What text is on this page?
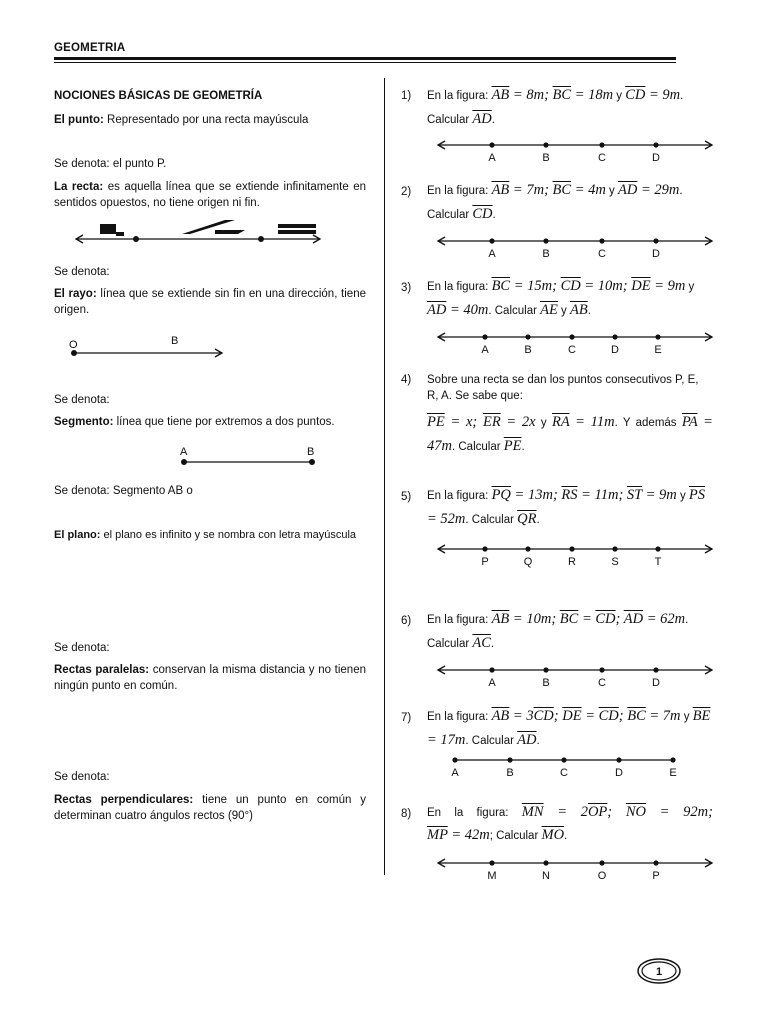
GEOMETRIA
NOCIONES BÁSICAS DE GEOMETRÍA
El punto: Representado por una recta mayúscula
Se denota: el punto P.
La recta: es aquella línea que se extiende infinitamente en sentidos opuestos, no tiene origen ni fin.
Se denota:
El rayo: línea que se extiende sin fin en una dirección, tiene origen.
O	B
Se denota:
Segmento: línea que tiene por extremos a dos puntos.
A	B
Se denota: Segmento AB o
El plano: el plano es infinito y se nombra con letra mayúscula
Se denota:
Rectas paralelas: conservan la misma distancia y no tienen ningún punto en común.
Se denota:
Rectas perpendiculares: tiene un punto en común y determinan cuatro ángulos rectos (90°)
1) En la figura: $\overline{AB} = 8m$; $\overline{BC} = 18m$ y $\overline{CD} = 9m$. Calcular $\overline{AD}$.
A	B	C	D
2) En la figura: $\overline{AB} = 7m$; $\overline{BC} = 4m$ y $\overline{AD} = 29m$. Calcular $\overline{CD}$.
A	B	C	D
3) En la figura: $\overline{BC} = 15m$; $\overline{CD} = 10m$; $\overline{DE} = 9m$ y $\overline{AD} = 40m$. Calcular $\overline{AE}$ y $\overline{AB}$.
A	B	C	D	E
4) Sobre una recta se dan los puntos consecutivos P, E, R, A. Se sabe que:
$\overline{PE} = x$; $\overline{ER} = 2x$ y $\overline{RA} = 11m$. Y además $\overline{PA} = 47m$. Calcular $\overline{PE}$.
5) En la figura: $\overline{PQ} = 13m$; $\overline{RS} = 11m$; $\overline{ST} = 9m$ y $\overline{PS} = 52m$. Calcular $\overline{QR}$.
P	Q	R	S	T
6) En la figura: $\overline{AB} = 10m$; $\overline{BC} = \overline{CD}$; $\overline{AD} = 62m$. Calcular $\overline{AC}$.
A	B	C	D
7) En la figura: $\overline{AB} = 3\overline{CD}$; $\overline{DE} = \overline{CD}$; $\overline{BC} = 7m$ y $\overline{BE} = 17m$. Calcular $\overline{AD}$.
A	B	C	D	E
8) En la figura: $\overline{MN} = 2\overline{OP}$; $\overline{NO} = 92m$;
$\overline{MP} = 42m$; Calcular $\overline{MO}$.
M	N	O	P
1
